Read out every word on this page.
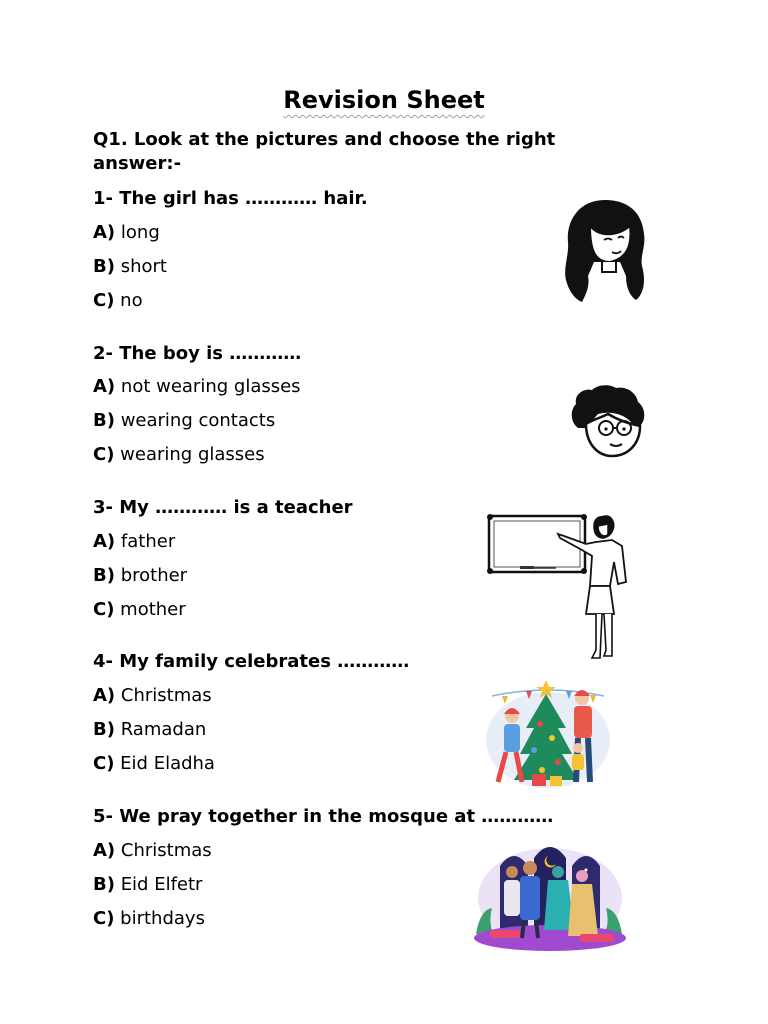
Revision Sheet
Q1. Look at the pictures and choose the right answer:-
1- The girl has ………… hair.
A) long
B) short
C) no
2- The boy is …………
A) not wearing glasses
B) wearing contacts
C) wearing glasses
3- My ………… is a teacher
A) father
B) brother
C) mother
4- My family celebrates …………
A) Christmas
B) Ramadan
C) Eid Eladha
5- We pray together in the mosque at …………
A) Christmas
B) Eid Elfetr
C) birthdays
